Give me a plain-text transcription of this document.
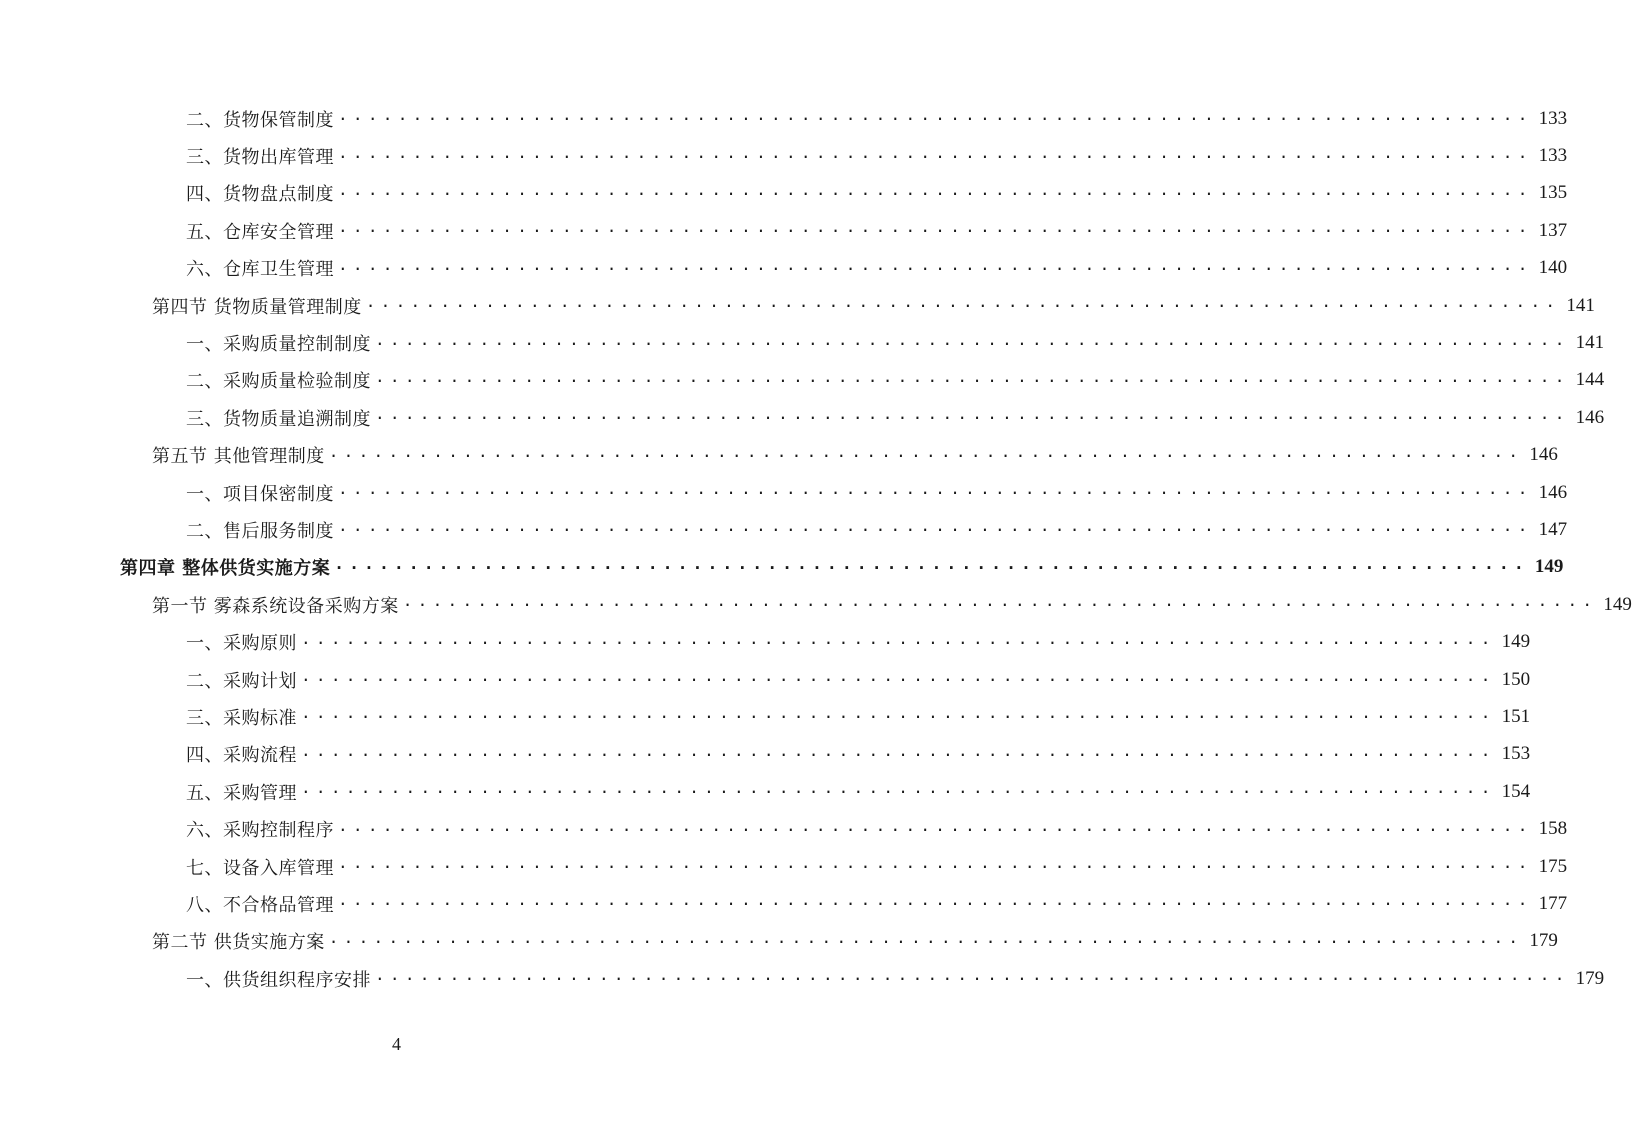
二、货物保管制度 ................................................................................ 133
三、货物出库管理 ................................................................................ 133
四、货物盘点制度 ................................................................................ 135
五、仓库安全管理 ................................................................................ 137
六、仓库卫生管理 ................................................................................ 140
第四节 货物质量管理制度 ................................................................................ 141
一、采购质量控制制度 ................................................................................ 141
二、采购质量检验制度 ................................................................................ 144
三、货物质量追溯制度 ................................................................................ 146
第五节 其他管理制度 ................................................................................ 146
一、项目保密制度 ................................................................................ 146
二、售后服务制度 ................................................................................ 147
第四章 整体供货实施方案 ................................................................................ 149
第一节 雾森系统设备采购方案 ................................................................................ 149
一、采购原则 ................................................................................ 149
二、采购计划 ................................................................................ 150
三、采购标准 ................................................................................ 151
四、采购流程 ................................................................................ 153
五、采购管理 ................................................................................ 154
六、采购控制程序 ................................................................................ 158
七、设备入库管理 ................................................................................ 175
八、不合格品管理 ................................................................................ 177
第二节 供货实施方案 ................................................................................ 179
一、供货组织程序安排 ................................................................................ 179
4
